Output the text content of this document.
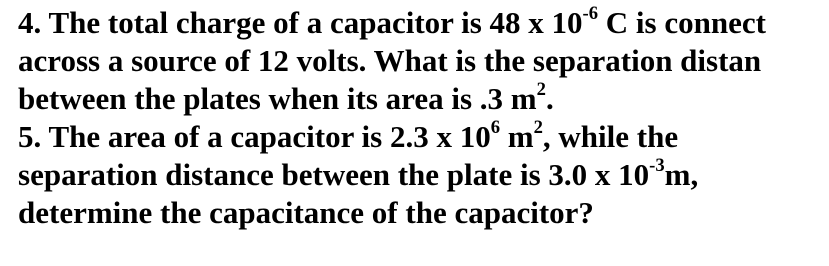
4. The total charge of a capacitor is 48 x $10^{-6}$ C is connect
across a source of 12 volts. What is the separation distan
between the plates when its area is .3 $m^2$.
5. The area of a capacitor is 2.3 x $10^6$ $m^2$, while the
separation distance between the plate is 3.0 x $10^{-3}m$,
determine the capacitance of the capacitor?
